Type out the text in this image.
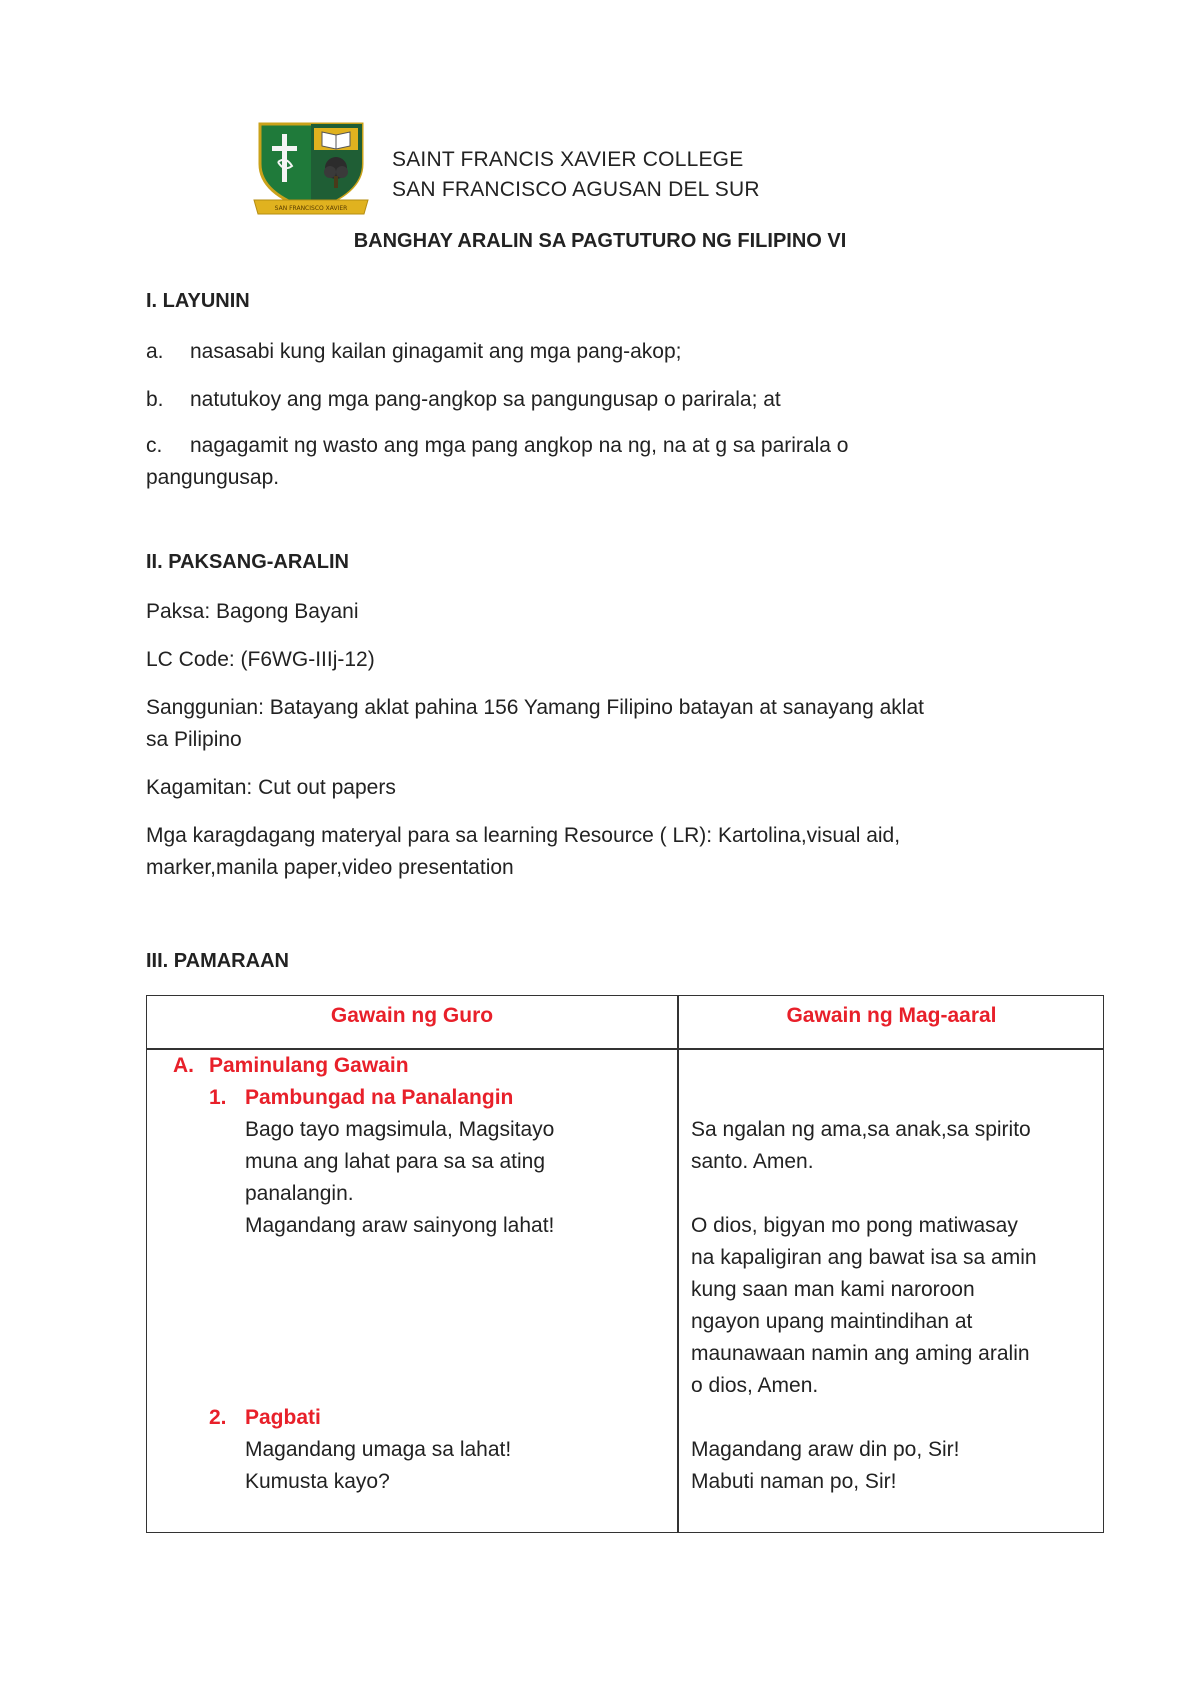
SAN FRANCISCO XAVIER
SAINT FRANCIS XAVIER COLLEGE
SAN FRANCISCO AGUSAN DEL SUR
BANGHAY ARALIN SA PAGTUTURO NG FILIPINO VI
I. LAYUNIN
a. nasasabi kung kailan ginagamit ang mga pang-akop;
b. natutukoy ang mga pang-angkop sa pangungusap o parirala; at
c. nagagamit ng wasto ang mga pang angkop na ng, na at g sa parirala o
pangungusap.
II. PAKSANG-ARALIN
Paksa: Bagong Bayani
LC Code: (F6WG-IIIj-12)
Sanggunian: Batayang aklat pahina 156 Yamang Filipino batayan at sanayang aklat
sa Pilipino
Kagamitan: Cut out papers
Mga karagdagang materyal para sa learning Resource ( LR): Kartolina,visual aid,
marker,manila paper,video presentation
III. PAMARAAN
Gawain ng Guro	Gawain ng Mag-aaral
A. Paminulang Gawain
1. Pambungad na Panalangin
Bago tayo magsimula, Magsitayo
muna ang lahat para sa sa ating
panalangin.
Magandang araw sainyong lahat!
2. Pagbati
Magandang umaga sa lahat!
Kumusta kayo?
Sa ngalan ng ama,sa anak,sa spirito
santo. Amen.
O dios, bigyan mo pong matiwasay
na kapaligiran ang bawat isa sa amin
kung saan man kami naroroon
ngayon upang maintindihan at
maunawaan namin ang aming aralin
o dios, Amen.
Magandang araw din po, Sir!
Mabuti naman po, Sir!
